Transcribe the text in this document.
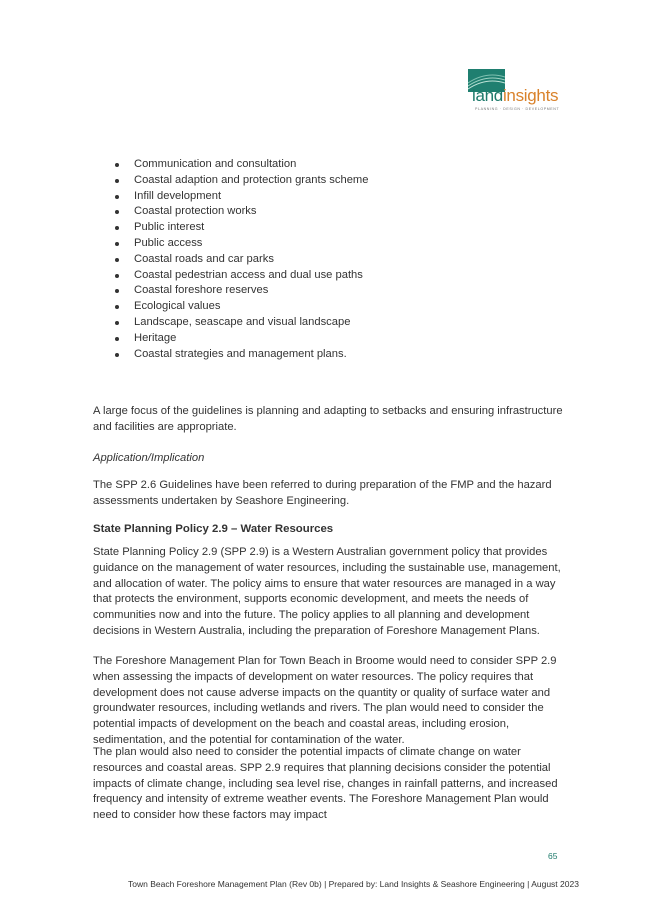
landinsights
PLANNING · DESIGN · DEVELOPMENT
Communication and consultation
Coastal adaption and protection grants scheme
Infill development
Coastal protection works
Public interest
Public access
Coastal roads and car parks
Coastal pedestrian access and dual use paths
Coastal foreshore reserves
Ecological values
Landscape, seascape and visual landscape
Heritage
Coastal strategies and management plans.

A large focus of the guidelines is planning and adapting to setbacks and ensuring infrastructure and facilities are appropriate.

Application/Implication

The SPP 2.6 Guidelines have been referred to during preparation of the FMP and the hazard assessments undertaken by Seashore Engineering.

State Planning Policy 2.9 – Water Resources

State Planning Policy 2.9 (SPP 2.9) is a Western Australian government policy that provides guidance on the management of water resources, including the sustainable use, management, and allocation of water. The policy aims to ensure that water resources are managed in a way that protects the environment, supports economic development, and meets the needs of communities now and into the future. The policy applies to all planning and development decisions in Western Australia, including the preparation of Foreshore Management Plans.

The Foreshore Management Plan for Town Beach in Broome would need to consider SPP 2.9 when assessing the impacts of development on water resources. The policy requires that development does not cause adverse impacts on the quantity or quality of surface water and groundwater resources, including wetlands and rivers. The plan would need to consider the potential impacts of development on the beach and coastal areas, including erosion, sedimentation, and the potential for contamination of the water.

The plan would also need to consider the potential impacts of climate change on water resources and coastal areas. SPP 2.9 requires that planning decisions consider the potential impacts of climate change, including sea level rise, changes in rainfall patterns, and increased frequency and intensity of extreme weather events. The Foreshore Management Plan would need to consider how these factors may impact

65
Town Beach Foreshore Management Plan (Rev 0b) | Prepared by: Land Insights & Seashore Engineering | August 2023
